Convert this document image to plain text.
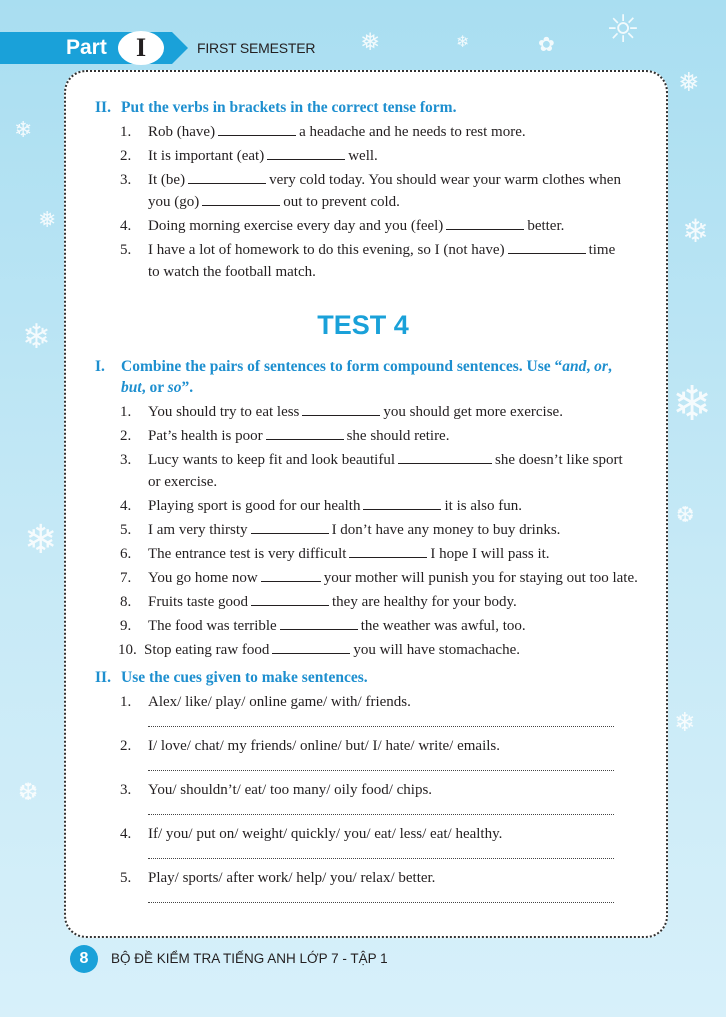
❄
❄
❄
❅
❆
❅
❄
❄
❆
❄
❄	☼
❅	✿
Part	I	FIRST SEMESTER
II. Put the verbs in brackets in the correct tense form.
1. Rob (have)	a headache and he needs to rest more.
2. It is important (eat)	well.
3. It (be)	very cold today. You should wear your warm clothes when
you (go)	out to prevent cold.
4. Doing morning exercise every day and you (feel)	better.
5. I have a lot of homework to do this evening, so I (not have)	time
to watch the football match.
TEST 4
I. Combine the pairs of sentences to form compound sentences. Use “and, or,
but, or so”.
1. You should try to eat less	you should get more exercise.
2. Pat’s health is poor	she should retire.
3. Lucy wants to keep fit and look beautiful	she doesn’t like sport
or exercise.
4. Playing sport is good for our health	it is also fun.
5. I am very thirsty	I don’t have any money to buy drinks.
6. The entrance test is very difficult	I hope I will pass it.
7. You go home now	your mother will punish you for staying out too late.
8. Fruits taste good	they are healthy for your body.
9. The food was terrible	the weather was awful, too.
10. Stop eating raw food	you will have stomachache.
II. Use the cues given to make sentences.
1. Alex/ like/ play/ online game/ with/ friends.
2. I/ love/ chat/ my friends/ online/ but/ I/ hate/ write/ emails.
3. You/ shouldn’t/ eat/ too many/ oily food/ chips.
4. If/ you/ put on/ weight/ quickly/ you/ eat/ less/ eat/ healthy.
5. Play/ sports/ after work/ help/ you/ relax/ better.
8	BỘ ĐỀ KIỂM TRA TIẾNG ANH LỚP 7 - TẬP 1
